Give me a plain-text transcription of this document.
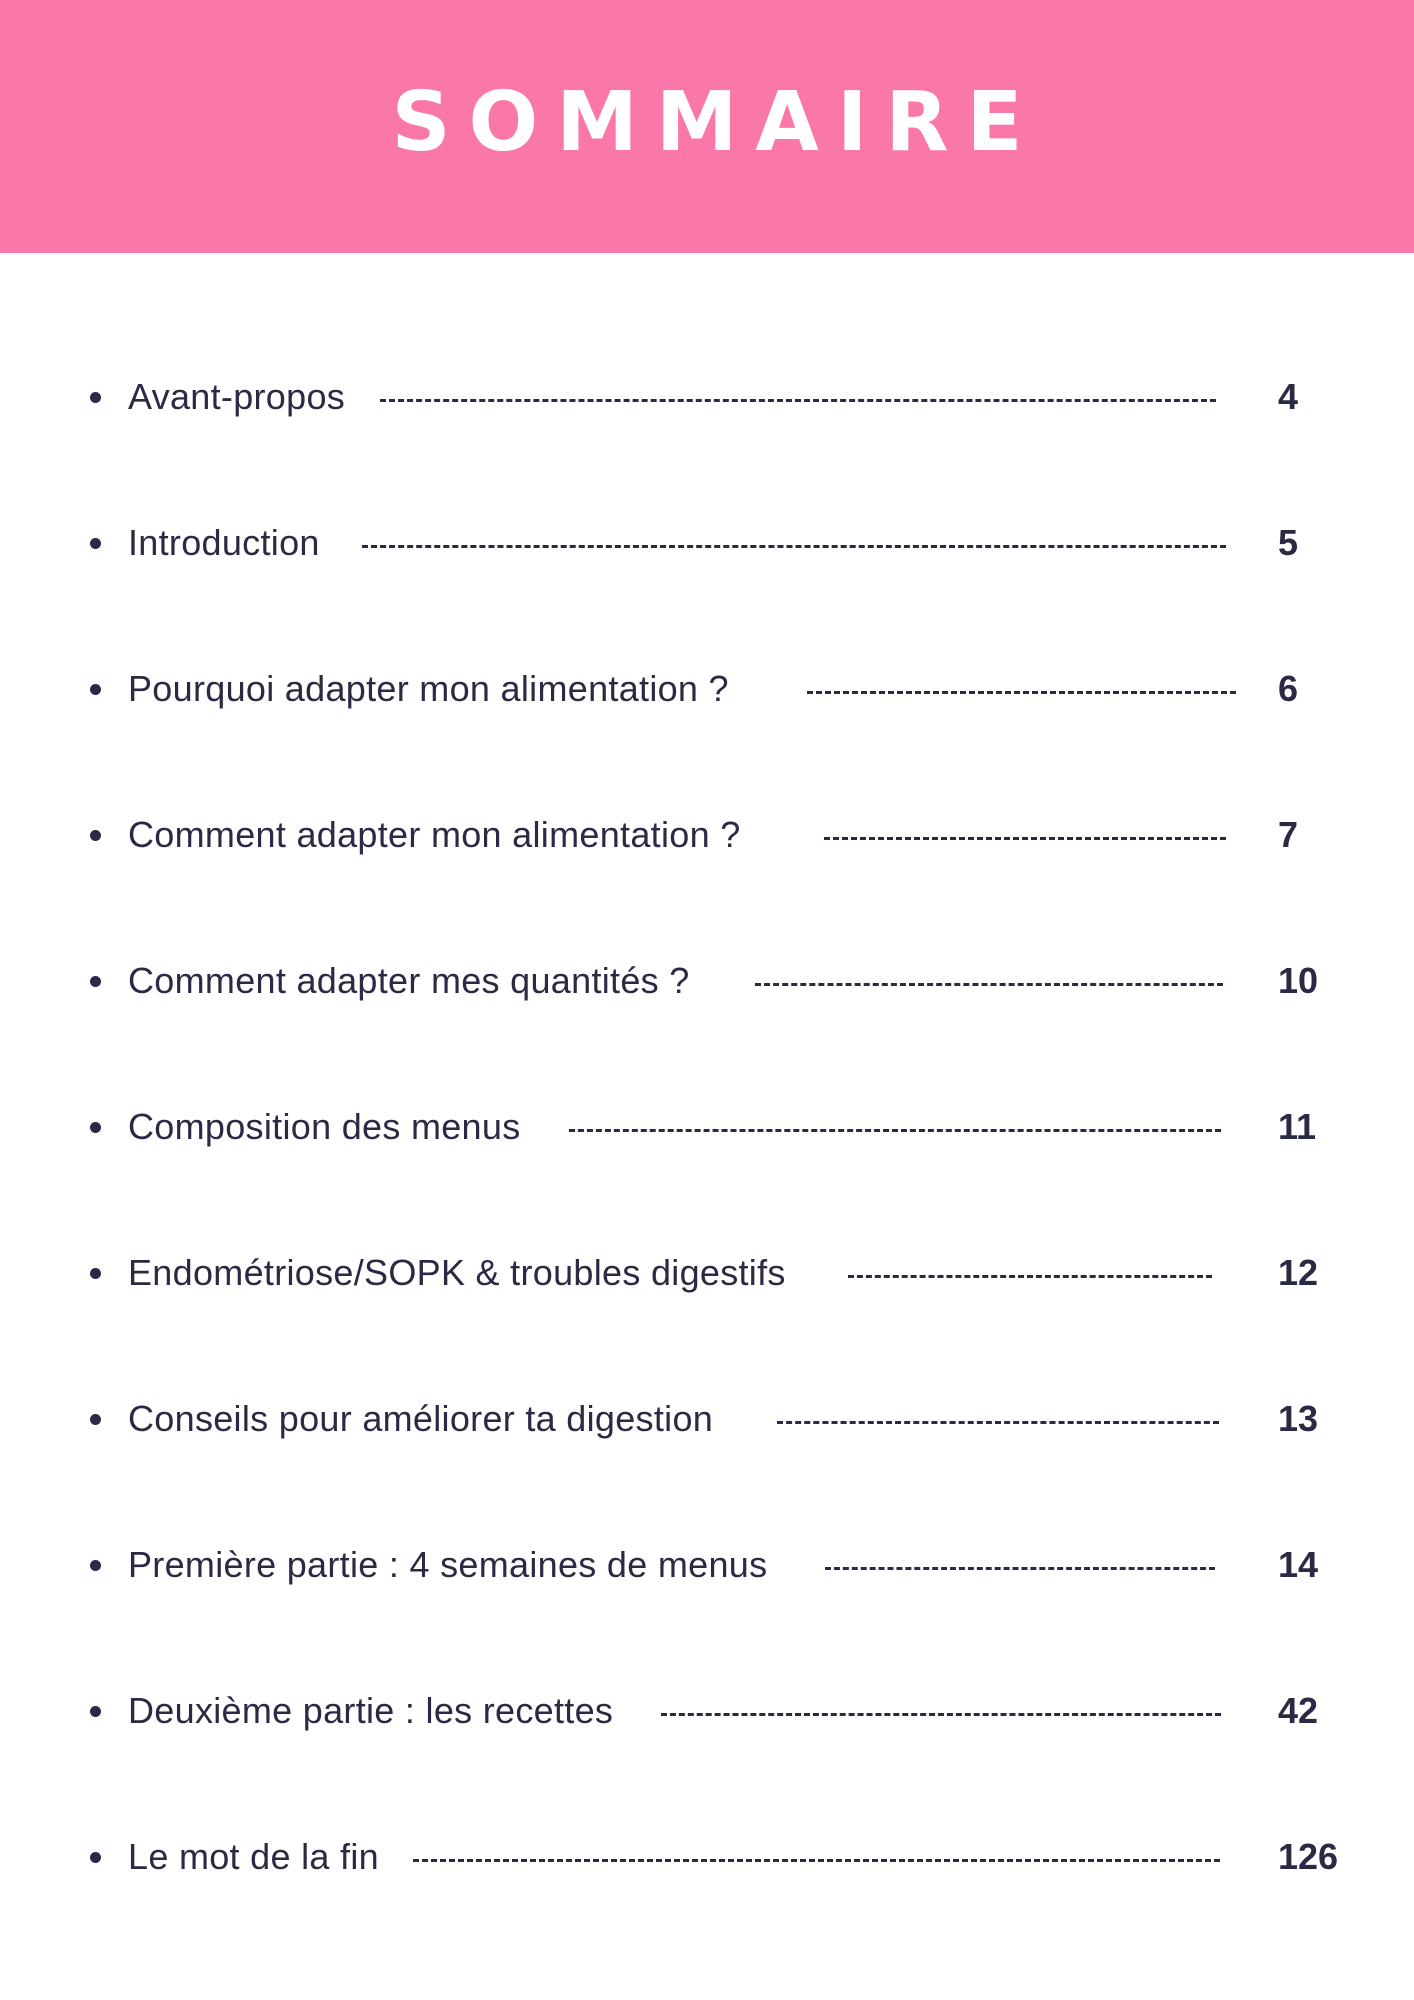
SOMMAIRE
Avant-propos	4
Introduction	5
Pourquoi adapter mon alimentation ?	6
Comment adapter mon alimentation ?	7
Comment adapter mes quantités ?	10
Composition des menus	11
Endométriose/SOPK & troubles digestifs	12
Conseils pour améliorer ta digestion	13
Première partie : 4 semaines de menus	14
Deuxième partie : les recettes	42
Le mot de la fin	126
